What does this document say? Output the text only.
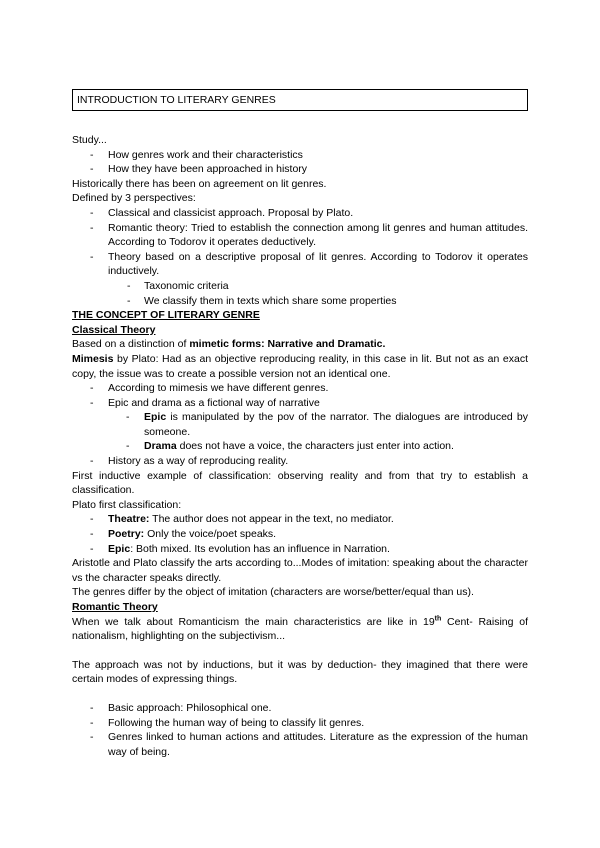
INTRODUCTION TO LITERARY GENRES

Study...

- How genres work and their characteristics
- How they have been approached in history

Historically there has been on agreement on lit genres.

Defined by 3 perspectives:

- Classical and classicist approach. Proposal by Plato.
- Romantic theory: Tried to establish the connection among lit genres and human attitudes. According to Todorov it operates deductively.
- Theory based on a descriptive proposal of lit genres. According to Todorov it operates inductively.
- Taxonomic criteria
- We classify them in texts which share some properties

THE CONCEPT OF LITERARY GENRE

Classical Theory

Based on a distinction of mimetic forms: Narrative and Dramatic.

Mimesis by Plato: Had as an objective reproducing reality, in this case in lit. But not as an exact copy, the issue was to create a possible version not an identical one.

- According to mimesis we have different genres.
- Epic and drama as a fictional way of narrative
- Epic is manipulated by the pov of the narrator. The dialogues are introduced by someone.
- Drama does not have a voice, the characters just enter into action.
- History as a way of reproducing reality.

First inductive example of classification: observing reality and from that try to establish a classification.

Plato first classification:

- Theatre: The author does not appear in the text, no mediator.
- Poetry: Only the voice/poet speaks.
- Epic: Both mixed. Its evolution has an influence in Narration.

Aristotle and Plato classify the arts according to...Modes of imitation: speaking about the character vs the character speaks directly.

The genres differ by the object of imitation (characters are worse/better/equal than us).

Romantic Theory

When we talk about Romanticism the main characteristics are like in 19th Cent- Raising of nationalism, highlighting on the subjectivism...

The approach was not by inductions, but it was by deduction- they imagined that there were certain modes of expressing things.

- Basic approach: Philosophical one.
- Following the human way of being to classify lit genres.
- Genres linked to human actions and attitudes. Literature as the expression of the human way of being.
